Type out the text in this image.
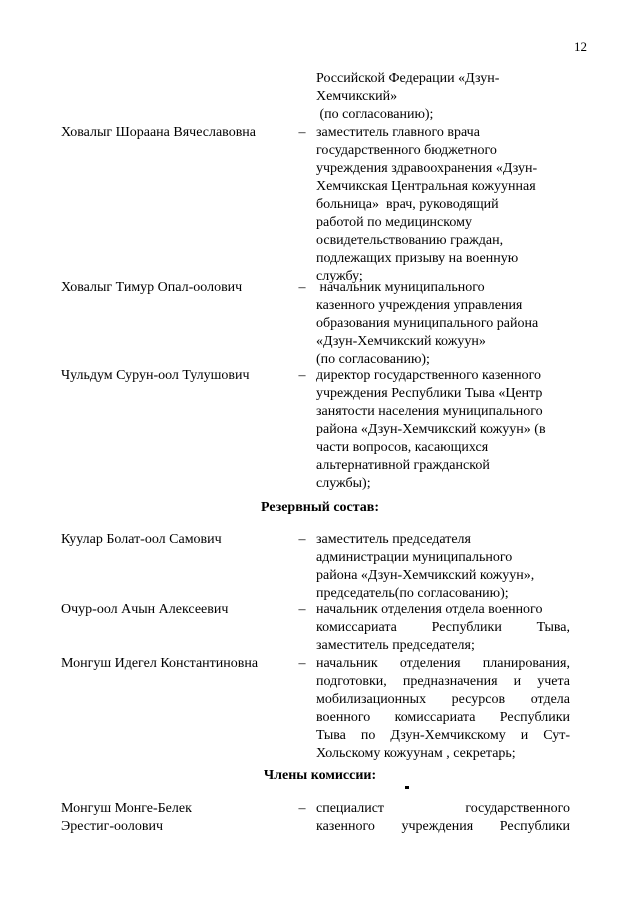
12
Российской Федерации «Дзун-
Хемчикский»
(по согласованию);
Ховалыг Шораана Вячеславовна	– заместитель главного врача
государственного бюджетного
учреждения здравоохранения «Дзун-
Хемчикская Центральная кожуунная
больница»  врач, руководящий
работой по медицинскому
освидетельствованию граждан,
подлежащих призыву на военную
службу;
Ховалыг Тимур Опал-оолович	– начальник муниципального
казенного учреждения управления
образования муниципального района
«Дзун-Хемчикский кожуун»
(по согласованию);
Чульдум Сурун-оол Тулушович	– директор государственного казенного
учреждения Республики Тыва «Центр
занятости населения муниципального
района «Дзун-Хемчикский кожуун» (в
части вопросов, касающихся
альтернативной гражданской
службы);
Резервный состав:
Куулар Болат-оол Самович	– заместитель председателя
администрации муниципального
района «Дзун-Хемчикский кожуун»,
председатель(по согласованию);
Очур-оол Ачын Алексеевич	– начальник отделения отдела военного
комиссариата Республики Тыва,
заместитель председателя;
Монгуш Идегел Константиновна	– начальник отделения планирования,
подготовки, предназначения и учета
мобилизационных ресурсов отдела
военного комиссариата Республики
Тыва по Дзун-Хемчикскому и Сут-
Хольскому кожуунам , секретарь;
Члены комиссии:
Монгуш Монге-Белек
Эрестиг-оолович
– специалист государственного
казенного учреждения Республики
